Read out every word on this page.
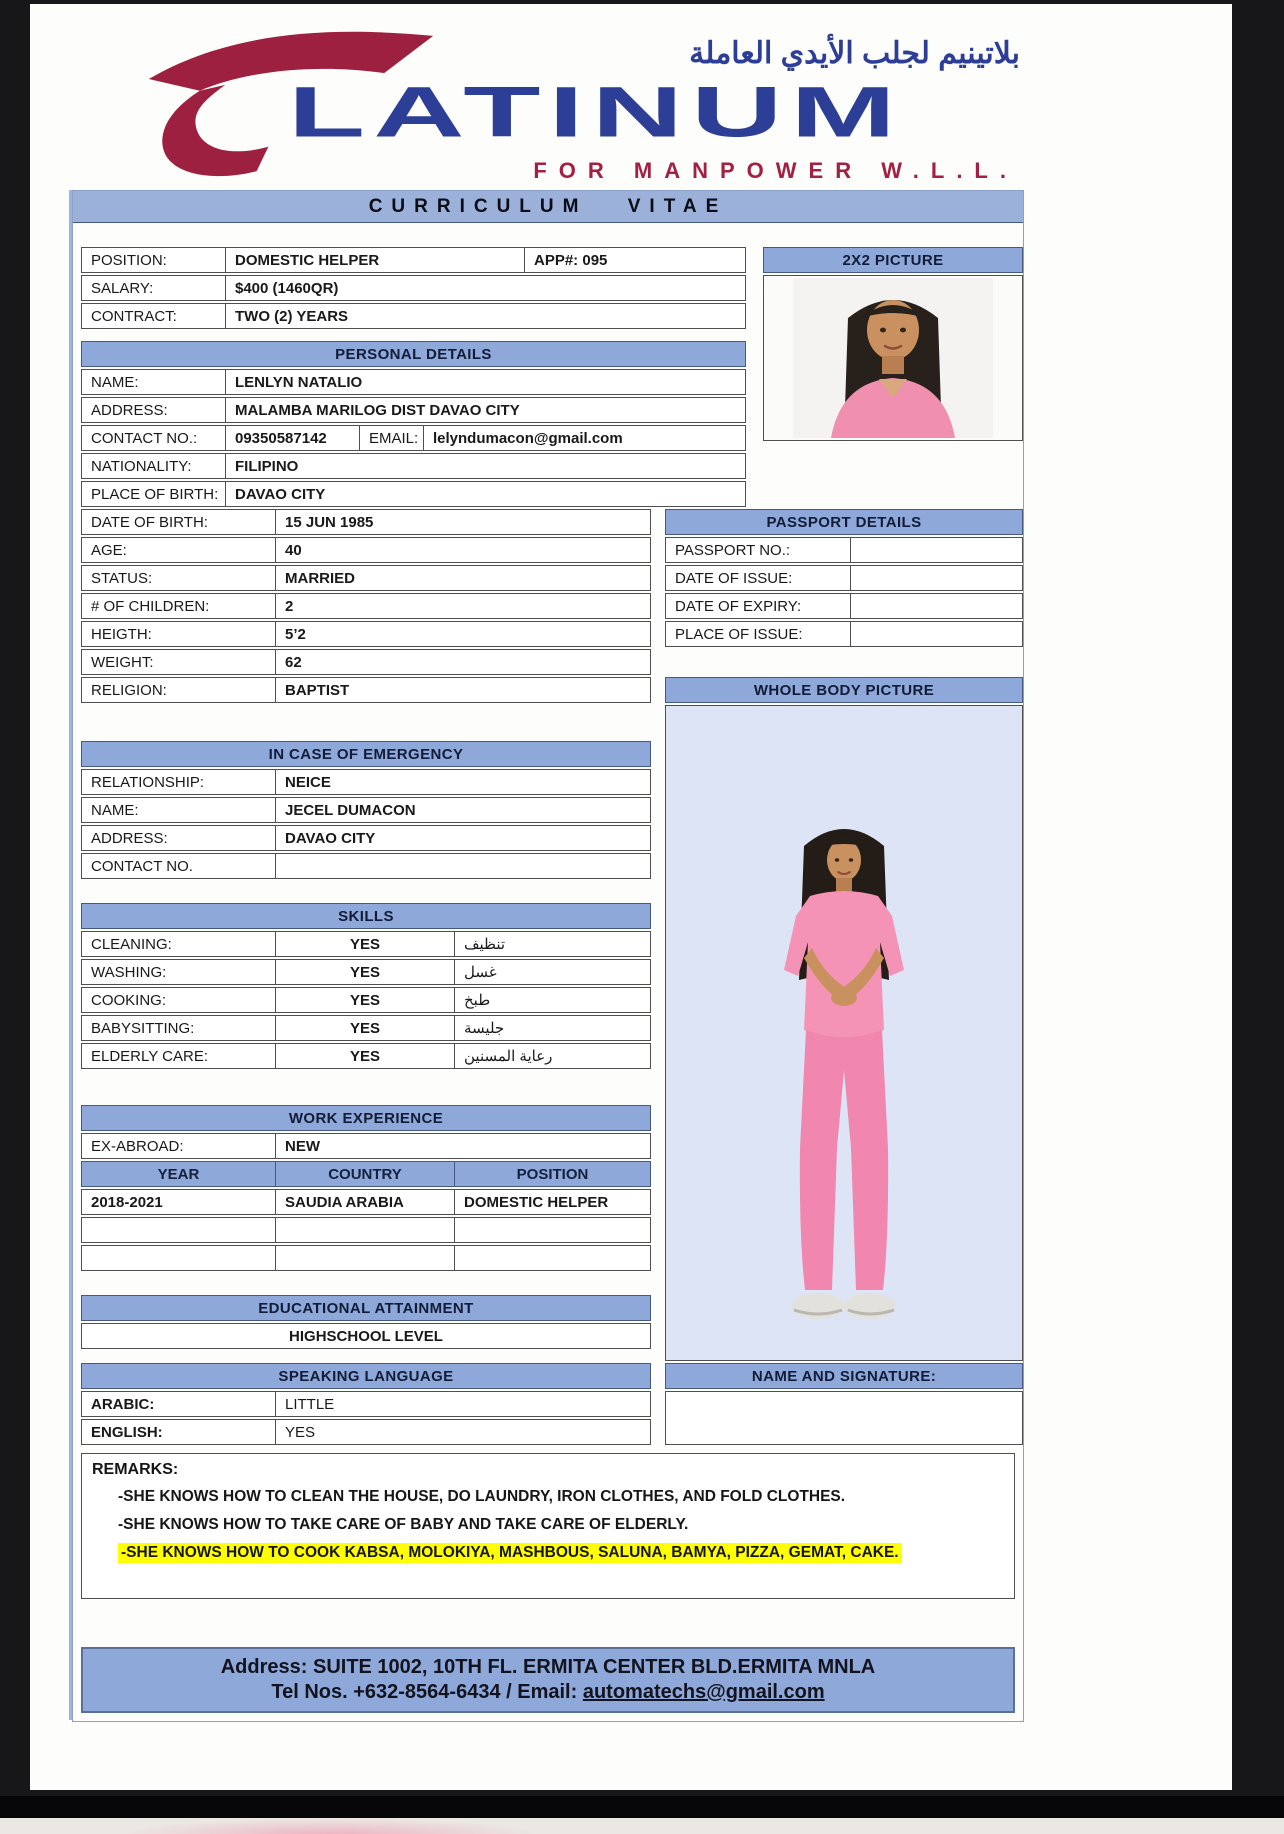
بلاتينيم لجلب الأيدي العاملة
LATINUM
FOR MANPOWER W.L.L.
CURRICULUM VITAE
POSITION:	DOMESTIC HELPER	APP#: 095
SALARY:	$400 (1460QR)
CONTRACT:	TWO (2) YEARS
2X2 PICTURE
PERSONAL DETAILS
NAME:	LENLYN NATALIO
ADDRESS:	MALAMBA MARILOG DIST DAVAO CITY
CONTACT NO.:	09350587142	EMAIL: lelyndumacon@gmail.com
NATIONALITY:	FILIPINO
PLACE OF BIRTH:	DAVAO CITY
DATE OF BIRTH:	15 JUN 1985
AGE:	40
STATUS:	MARRIED
# OF CHILDREN:	2
HEIGTH:	5’2
WEIGHT:	62
RELIGION:	BAPTIST
PASSPORT DETAILS
PASSPORT NO.:
DATE OF ISSUE:
DATE OF EXPIRY:
PLACE OF ISSUE:
WHOLE BODY PICTURE
IN CASE OF EMERGENCY
RELATIONSHIP:	NEICE
NAME:	JECEL DUMACON
ADDRESS:	DAVAO CITY
CONTACT NO.
SKILLS
CLEANING:	YES	تنظيف
WASHING:	YES	غسل
COOKING:	YES	طبخ
BABYSITTING:	YES	جليسة
ELDERLY CARE:	YES	رعاية المسنين
WORK EXPERIENCE
EX-ABROAD:	NEW
YEAR	COUNTRY	POSITION
2018-2021	SAUDIA ARABIA	DOMESTIC HELPER
EDUCATIONAL ATTAINMENT
HIGHSCHOOL LEVEL
SPEAKING LANGUAGE
ARABIC:	LITTLE
ENGLISH:	YES
NAME AND SIGNATURE:
REMARKS:
-SHE KNOWS HOW TO CLEAN THE HOUSE, DO LAUNDRY, IRON CLOTHES, AND FOLD CLOTHES.
-SHE KNOWS HOW TO TAKE CARE OF BABY AND TAKE CARE OF ELDERLY.
-SHE KNOWS HOW TO COOK KABSA, MOLOKIYA, MASHBOUS, SALUNA, BAMYA, PIZZA, GEMAT, CAKE.
Address: SUITE 1002, 10TH FL. ERMITA CENTER BLD.ERMITA MNLA
Tel Nos. +632-8564-6434 / Email: automatechs@gmail.com
